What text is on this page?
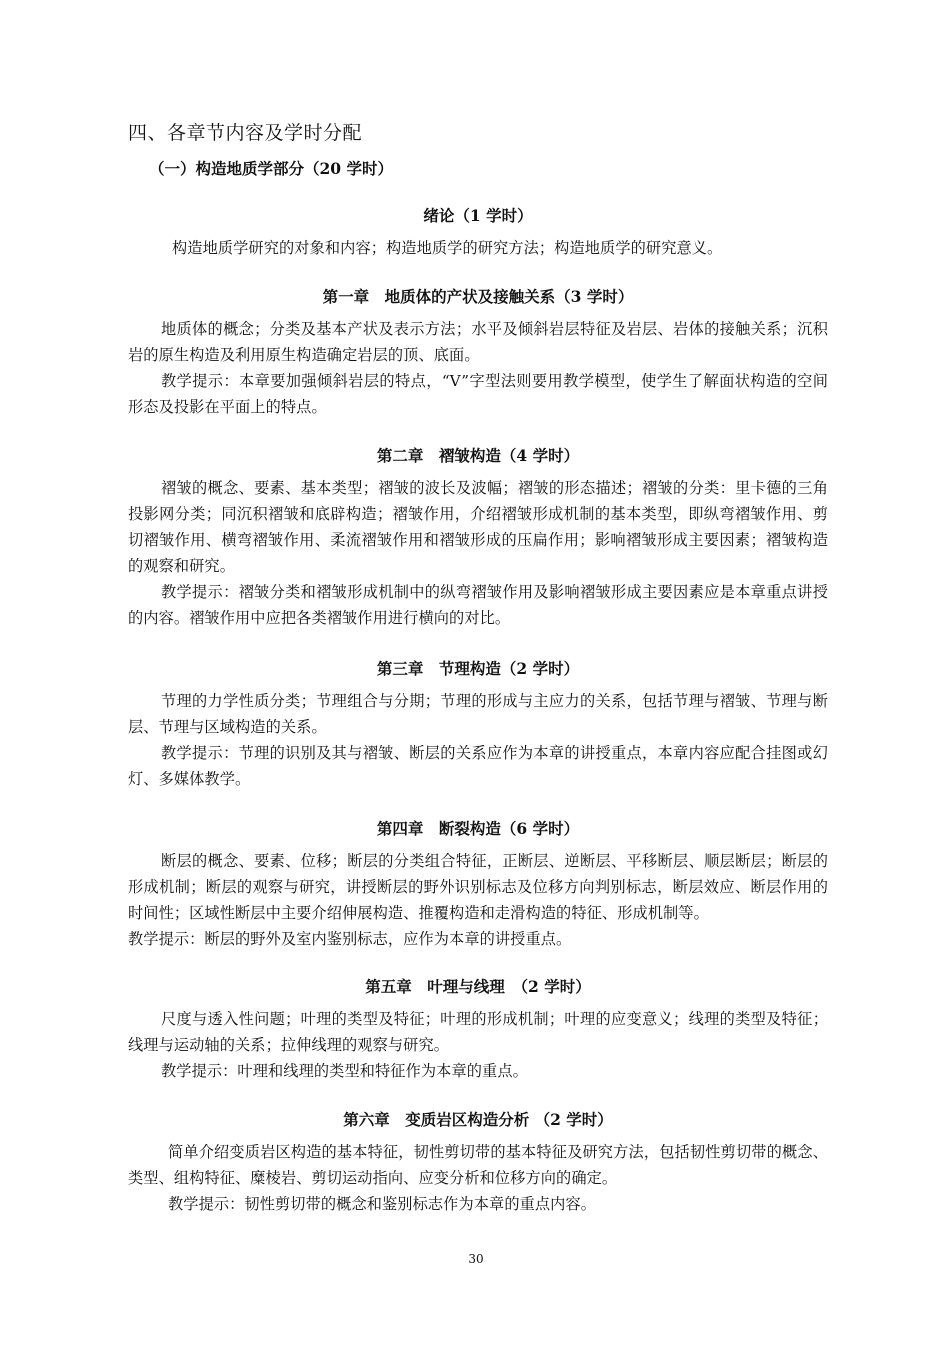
四、各章节内容及学时分配
（一）构造地质学部分（20 学时）
绪论（1 学时）

构造地质学研究的对象和内容；构造地质学的研究方法；构造地质学的研究意义。

第一章　地质体的产状及接触关系（3 学时）

地质体的概念；分类及基本产状及表示方法；水平及倾斜岩层特征及岩层、岩体的接触关系；沉积岩的原生构造及利用原生构造确定岩层的顶、底面。

教学提示：本章要加强倾斜岩层的特点，“V”字型法则要用教学模型，使学生了解面状构造的空间形态及投影在平面上的特点。

第二章　褶皱构造（4 学时）

褶皱的概念、要素、基本类型；褶皱的波长及波幅；褶皱的形态描述；褶皱的分类：里卡德的三角投影网分类；同沉积褶皱和底辟构造；褶皱作用，介绍褶皱形成机制的基本类型，即纵弯褶皱作用、剪切褶皱作用、横弯褶皱作用、柔流褶皱作用和褶皱形成的压扁作用；影响褶皱形成主要因素；褶皱构造的观察和研究。

教学提示：褶皱分类和褶皱形成机制中的纵弯褶皱作用及影响褶皱形成主要因素应是本章重点讲授的内容。褶皱作用中应把各类褶皱作用进行横向的对比。

第三章　节理构造（2 学时）

节理的力学性质分类；节理组合与分期；节理的形成与主应力的关系，包括节理与褶皱、节理与断层、节理与区域构造的关系。

教学提示：节理的识别及其与褶皱、断层的关系应作为本章的讲授重点，本章内容应配合挂图或幻灯、多媒体教学。

第四章　断裂构造（6 学时）

断层的概念、要素、位移；断层的分类组合特征，正断层、逆断层、平移断层、顺层断层；断层的形成机制；断层的观察与研究，讲授断层的野外识别标志及位移方向判别标志，断层效应、断层作用的时间性；区域性断层中主要介绍伸展构造、推覆构造和走滑构造的特征、形成机制等。

教学提示：断层的野外及室内鉴别标志，应作为本章的讲授重点。

第五章　叶理与线理　（2 学时）

尺度与透入性问题；叶理的类型及特征；叶理的形成机制；叶理的应变意义；线理的类型及特征；线理与运动轴的关系；拉伸线理的观察与研究。

教学提示：叶理和线理的类型和特征作为本章的重点。

第六章　变质岩区构造分析 （2 学时）

简单介绍变质岩区构造的基本特征，韧性剪切带的基本特征及研究方法，包括韧性剪切带的概念、类型、组构特征、糜棱岩、剪切运动指向、应变分析和位移方向的确定。

教学提示：韧性剪切带的概念和鉴别标志作为本章的重点内容。

30
